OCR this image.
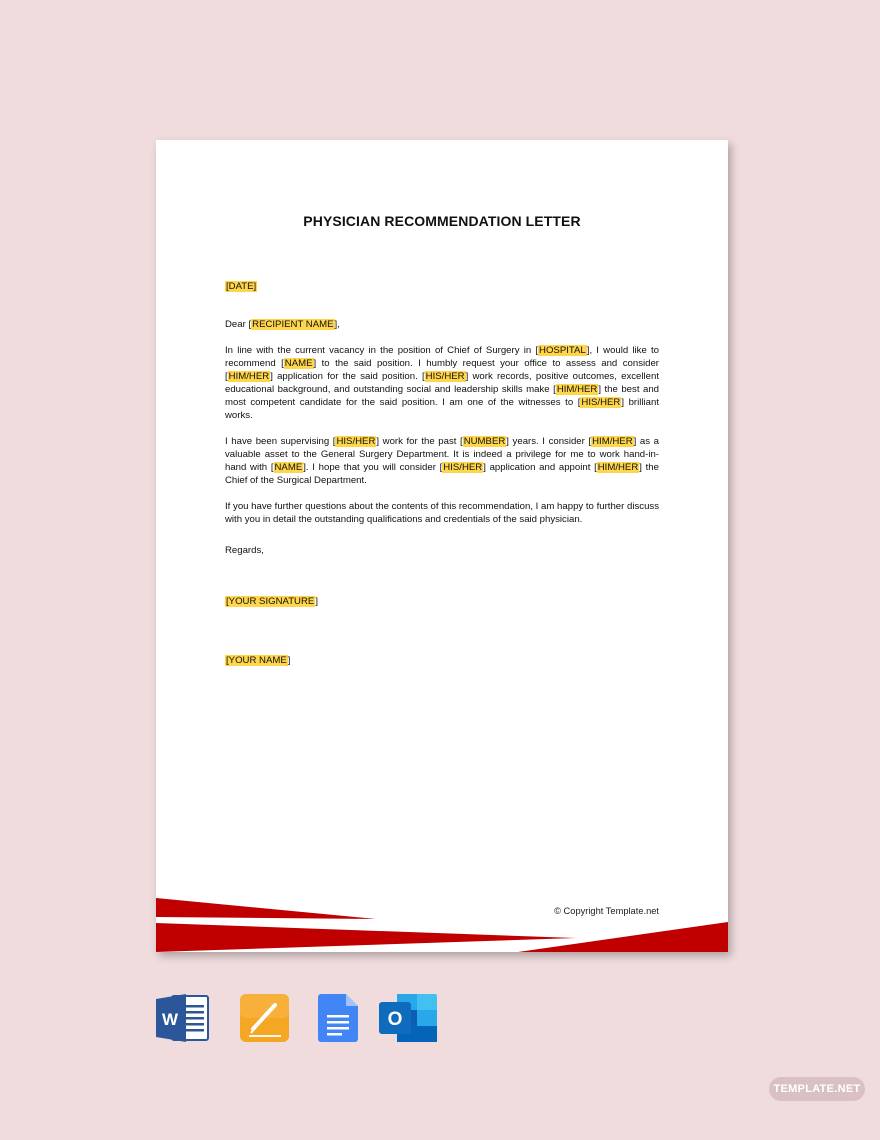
PHYSICIAN RECOMMENDATION LETTER

[DATE]

Dear [RECIPIENT NAME],

In line with the current vacancy in the position of Chief of Surgery in [HOSPITAL], I would like to recommend [NAME] to the said position. I humbly request your office to assess and consider [HIM/HER] application for the said position. [HIS/HER] work records, positive outcomes, excellent educational background, and outstanding social and leadership skills make [HIM/HER] the best and most competent candidate for the said position. I am one of the witnesses to [HIS/HER] brilliant works.

I have been supervising [HIS/HER] work for the past [NUMBER] years. I consider [HIM/HER] as a valuable asset to the General Surgery Department. It is indeed a privilege for me to work hand-in-hand with [NAME]. I hope that you will consider [HIS/HER] application and appoint [HIM/HER] the Chief of the Surgical Department.

If you have further questions about the contents of this recommendation, I am happy to further discuss with you in detail the outstanding qualifications and credentials of the said physician.

Regards,

[YOUR SIGNATURE]

[YOUR NAME]

© Copyright Template.net
W	O
TEMPLATE.NET
